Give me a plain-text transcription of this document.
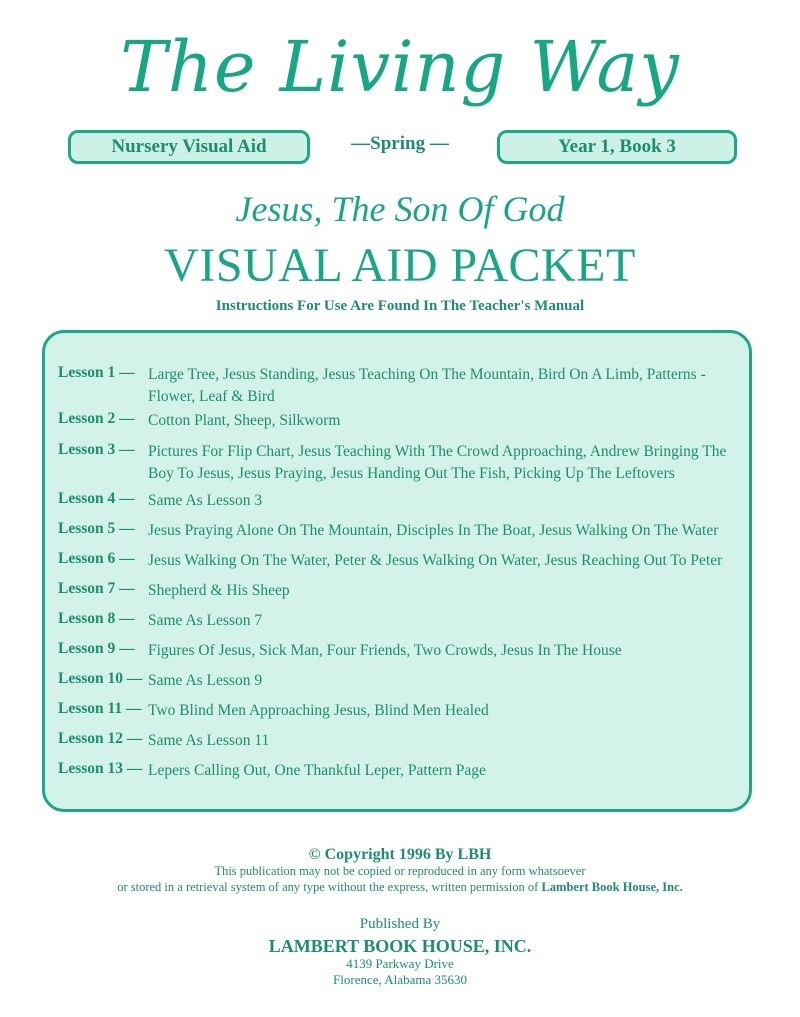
The Living Way
Nursery Visual Aid	—Spring —	Year 1, Book 3
Jesus, The Son Of God
VISUAL AID PACKET
Instructions For Use Are Found In The Teacher's Manual
Lesson 1 — Large Tree, Jesus Standing, Jesus Teaching On The Mountain, Bird On A Limb, Patterns - Flower, Leaf & Bird
Lesson 2 — Cotton Plant, Sheep, Silkworm
Lesson 3 — Pictures For Flip Chart, Jesus Teaching With The Crowd Approaching, Andrew Bringing The Boy To Jesus, Jesus Praying, Jesus Handing Out The Fish, Picking Up The Leftovers
Lesson 4 — Same As Lesson 3
Lesson 5 — Jesus Praying Alone On The Mountain, Disciples In The Boat, Jesus Walking On The Water
Lesson 6 — Jesus Walking On The Water, Peter & Jesus Walking On Water, Jesus Reaching Out To Peter
Lesson 7 — Shepherd & His Sheep
Lesson 8 — Same As Lesson 7
Lesson 9 — Figures Of Jesus, Sick Man, Four Friends, Two Crowds, Jesus In The House
Lesson 10 — Same As Lesson 9
Lesson 11 — Two Blind Men Approaching Jesus, Blind Men Healed
Lesson 12 — Same As Lesson 11
Lesson 13 — Lepers Calling Out, One Thankful Leper, Pattern Page
© Copyright 1996 By LBH
This publication may not be copied or reproduced in any form whatsoever
or stored in a retrieval system of any type without the express, written permission of Lambert Book House, Inc.
Published By
LAMBERT BOOK HOUSE, INC.
4139 Parkway Drive
Florence, Alabama 35630
